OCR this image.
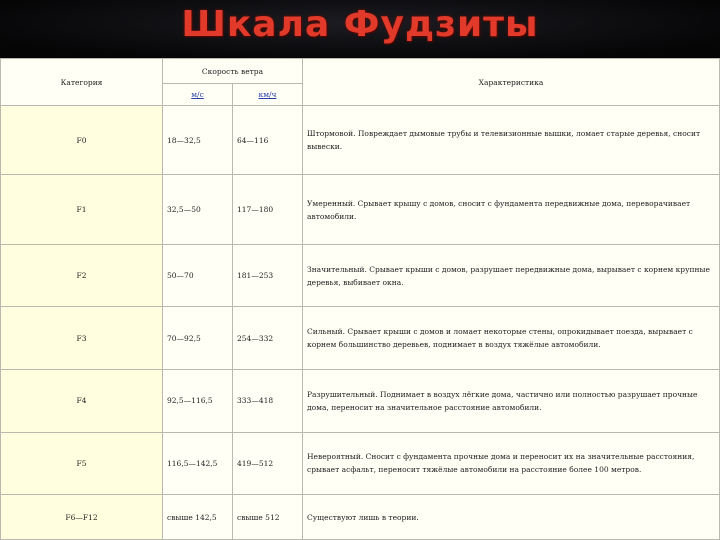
Шкала Фудзиты
Категория	Скорость ветра		Характеристика
	м/с	км/ч	
F0	18—32,5	64—116	Штормовой. Повреждает дымовые трубы и телевизионные вышки, ломает старые деревья, сносит вывески.
F1	32,5—50	117—180	Умеренный. Срывает крышу с домов, сносит с фундамента передвижные дома, переворачивает автомобили.
F2	50—70	181—253	Значительный. Срывает крыши с домов, разрушает передвижные дома, вырывает с корнем крупные деревья, выбивает окна.
F3	70—92,5	254—332	Сильный. Срывает крыши с домов и ломает некоторые стены, опрокидывает поезда, вырывает с корнем большинство деревьев, поднимает в воздух тяжёлые автомобили.
F4	92,5—116,5	333—418	Разрушительный. Поднимает в воздух лёгкие дома, частично или полностью разрушает прочные дома, переносит на значительное расстояние автомобили.
F5	116,5—142,5	419—512	Невероятный. Сносит с фундамента прочные дома и переносит их на значительные расстояния, срывает асфальт, переносит тяжёлые автомобили на расстояние более 100 метров.
F6—F12	свыше 142,5	свыше 512	Существуют лишь в теории.
